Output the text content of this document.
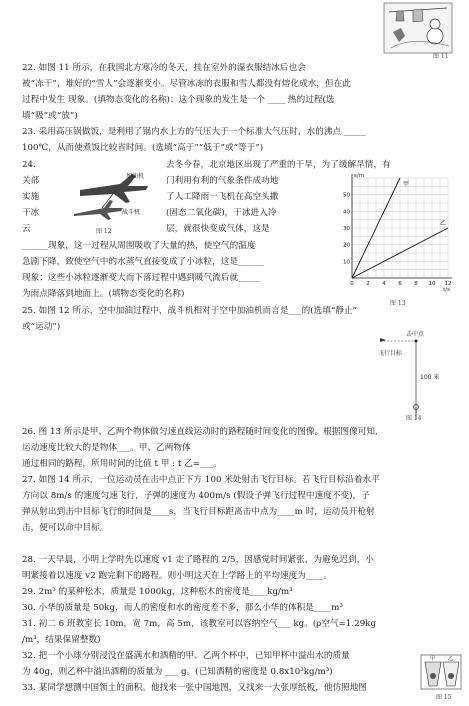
图 11
22. 如图 11 所示，在我国北方寒冷的冬天，挂在室外的湿衣服结冰后也会
被“冻干”，堆好的“雪人”会逐渐变小。尽管冰冻的衣服和雪人都没有熔化成水，但在此
过程中发生 现象。(填物态变化的名称)；这个现象的发生是一个 ____ 热的过程(选
填“吸”或“放”)
23. 采用高压锅做饭，是利用了锅内水上方的气压大于一个标准大气压时，水的沸点 _____
100℃，从而使煮饭比较省时间。(选填“高于”“低于”或“等于”)
24.	去冬今春，北京地区出现了严重的干旱，为了缓解旱情，有
关部	门利用有利的气象条件成功地
实施	了人工降雨一飞机在高空头撒
干冰	(固态二氧化碳)，干冰进入冷
云	层，就很快变成气体，这是
______现象，这一过程从周围吸收了大量的热，使空气的温度
急剧下降，致使空气中的水蒸气直接变成了小冰粒，这是______
现象；这些小冰粒逐渐变大而下落过程中遇到暖气流后就_____
为雨点降落到地面上。(填物态变化的名称)
25. 如图 12 所示，空中加油过程中，战斗机相对于空中加油机而言是___的(选填“静止”
或“运动”)
26. 图 13 所示是甲、乙两个物体做匀速直线运动时的路程随时间变化的图像。根据图像可知,
运动速度比较大的是物体___。甲、乙两物体
通过相同的路程，所用时间的比值 t 甲 : t 乙=___。
27. 如图 14 所示，一位运动员在击中点正下方 100 米处射击飞行目标。若飞行目标沿着水平
方向以 8m/s 的速度匀速飞行，子弹的速度为 400m/s (假设子弹飞行过程中速度不变)，子
弹从射出到击中目标飞行的时间是____s，当飞行目标距离击中点为____m 时，运动员开枪射
击，便可以命中目标。
28. 一天早晨，小明上学时先以速度 v1 走了路程的 2/5，因感觉时间紧张，为避免迟到，小
明紧接着以速度 v2 跑完剩下的路程。则小明这天在上学路上的平均速度为____。
29. 2m³ 的某种松木，质量是 1000kg，这种松木的密度是____kg/m³
30. 小华的质量是 50kg，而人的密度和水的密度差不多，那么小华的体积是____m³
31. 初二 6 班教室长 10m，宽 7m，高 5m，该教室可以容纳空气___ kg。(ρ空气=1.29kg
/m³，结果保留整数)
32. 把一个小球分别浸没在盛满水和酒精的甲、乙两个杯中，已知甲杯中溢出水的质量
为 40g，则乙杯中溢出酒精的质量为 ___ g。(已知酒精的密度是 0.8x10³kg/m³)
33. 某同学想测中国领土的面积。他找来一张中国地图，又找来一大张厚纸板，他仿照地图
加油机
战斗机
图 12
0 2 4 6 8 10 12
10
20
30
40
50
t/s
s/m
甲
乙
图 13
击中点
飞行目标
100 米
图 14
甲	乙
图 15
